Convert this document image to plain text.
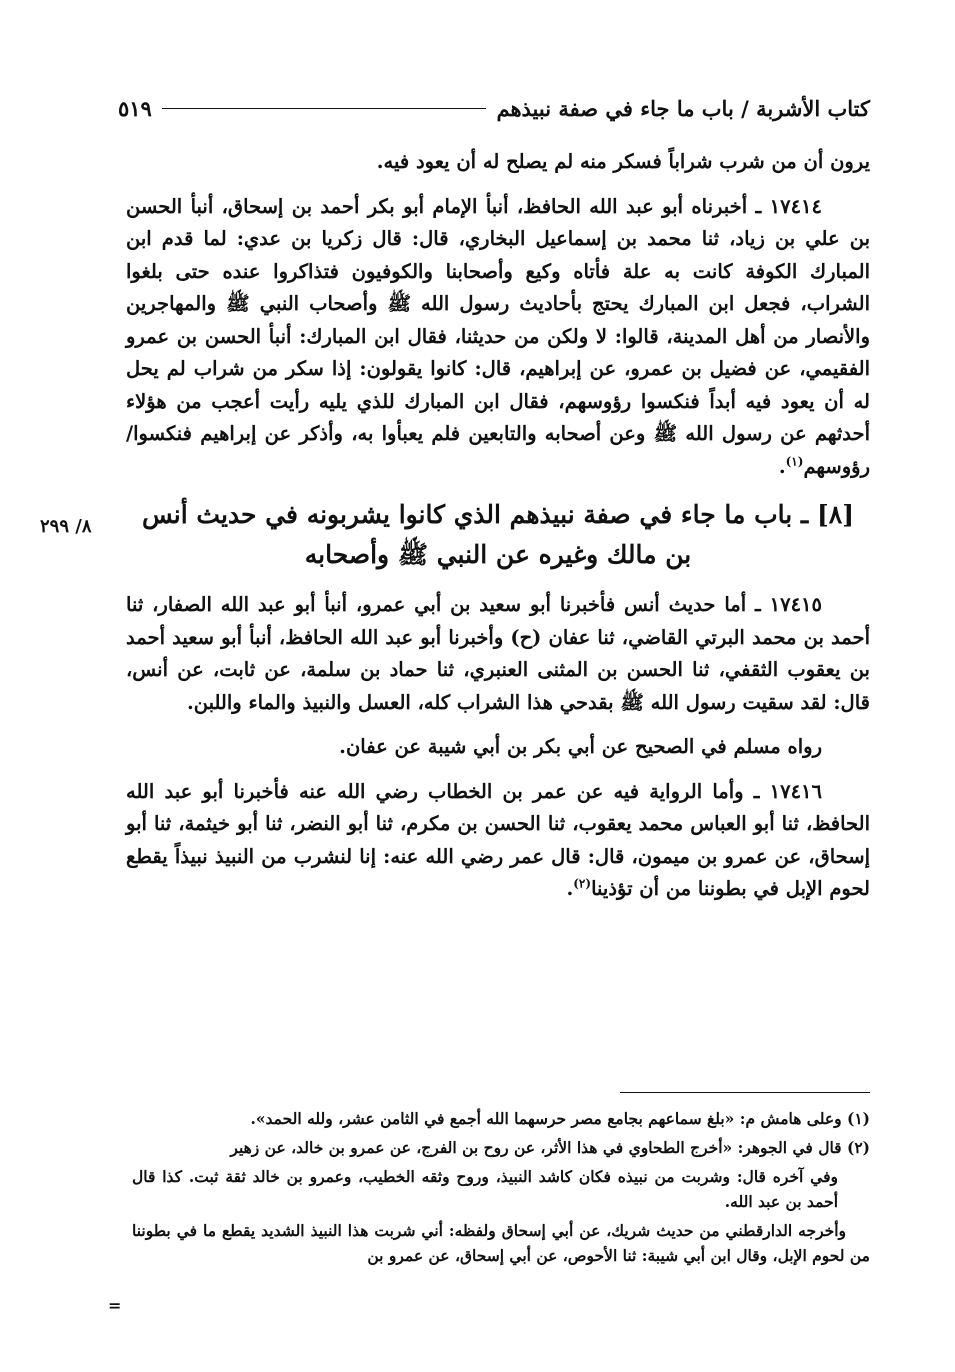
كتاب الأشربة / باب ما جاء في صفة نبيذهم
٥١٩

يرون أن من شرب شراباً فسكر منه لم يصلح له أن يعود فيه.

١٧٤١٤ ـ أخبرناه أبو عبد الله الحافظ، أنبأ الإمام أبو بكر أحمد بن إسحاق، أنبأ الحسن بن علي بن زياد، ثنا محمد بن إسماعيل البخاري، قال: قال زكريا بن عدي: لما قدم ابن المبارك الكوفة كانت به علة فأتاه وكيع وأصحابنا والكوفيون فتذاكروا عنده حتى بلغوا الشراب، فجعل ابن المبارك يحتج بأحاديث رسول الله ﷺ وأصحاب النبي ﷺ والمهاجرين والأنصار من أهل المدينة، قالوا: لا ولكن من حديثنا، فقال ابن المبارك: أنبأ الحسن بن عمرو الفقيمي، عن فضيل بن عمرو، عن إبراهيم، قال: كانوا يقولون: إذا سكر من شراب لم يحل له أن يعود فيه أبداً فنكسوا رؤوسهم، فقال ابن المبارك للذي يليه رأيت أعجب من هؤلاء أحدثهم عن رسول الله ﷺ وعن أصحابه والتابعين فلم يعبأوا به، وأذكر عن إبراهيم فنكسوا/ رؤوسهم$^{(١)}$.

[٨] ـ باب ما جاء في صفة نبيذهم الذي كانوا يشربونه في حديث أنس
بن مالك وغيره عن النبي ﷺ وأصحابه

١٧٤١٥ ـ أما حديث أنس فأخبرنا أبو سعيد بن أبي عمرو، أنبأ أبو عبد الله الصفار، ثنا أحمد بن محمد البرتي القاضي، ثنا عفان (ح) وأخبرنا أبو عبد الله الحافظ، أنبأ أبو سعيد أحمد بن يعقوب الثقفي، ثنا الحسن بن المثنى العنبري، ثنا حماد بن سلمة، عن ثابت، عن أنس، قال: لقد سقيت رسول الله ﷺ بقدحي هذا الشراب كله، العسل والنبيذ والماء واللبن.

رواه مسلم في الصحيح عن أبي بكر بن أبي شيبة عن عفان.

١٧٤١٦ ـ وأما الرواية فيه عن عمر بن الخطاب رضي الله عنه فأخبرنا أبو عبد الله الحافظ، ثنا أبو العباس محمد يعقوب، ثنا الحسن بن مكرم، ثنا أبو النضر، ثنا أبو خيثمة، ثنا أبو إسحاق، عن عمرو بن ميمون، قال: قال عمر رضي الله عنه: إنا لنشرب من النبيذ نبيذاً يقطع لحوم الإبل في بطوننا من أن تؤذينا$^{(٢)}$.

٨/ ٢٩٩

(١) وعلى هامش م: «بلغ سماعهم بجامع مصر حرسهما الله أجمع في الثامن عشر، ولله الحمد».

(٢) قال في الجوهر: «أخرج الطحاوي في هذا الأثر، عن روح بن الفرج، عن عمرو بن خالد، عن زهير

وفي آخره قال: وشربت من نبيذه فكان كاشد النبيذ، وروح وثقه الخطيب، وعمرو بن خالد ثقة ثبت. كذا قال أحمد بن عبد الله.

وأخرجه الدارقطني من حديث شريك، عن أبي إسحاق ولفظه: أني شربت هذا النبيذ الشديد يقطع ما في بطوننا من لحوم الإبل، وقال ابن أبي شيبة: ثنا الأحوص، عن أبي إسحاق، عن عمرو بن

=
